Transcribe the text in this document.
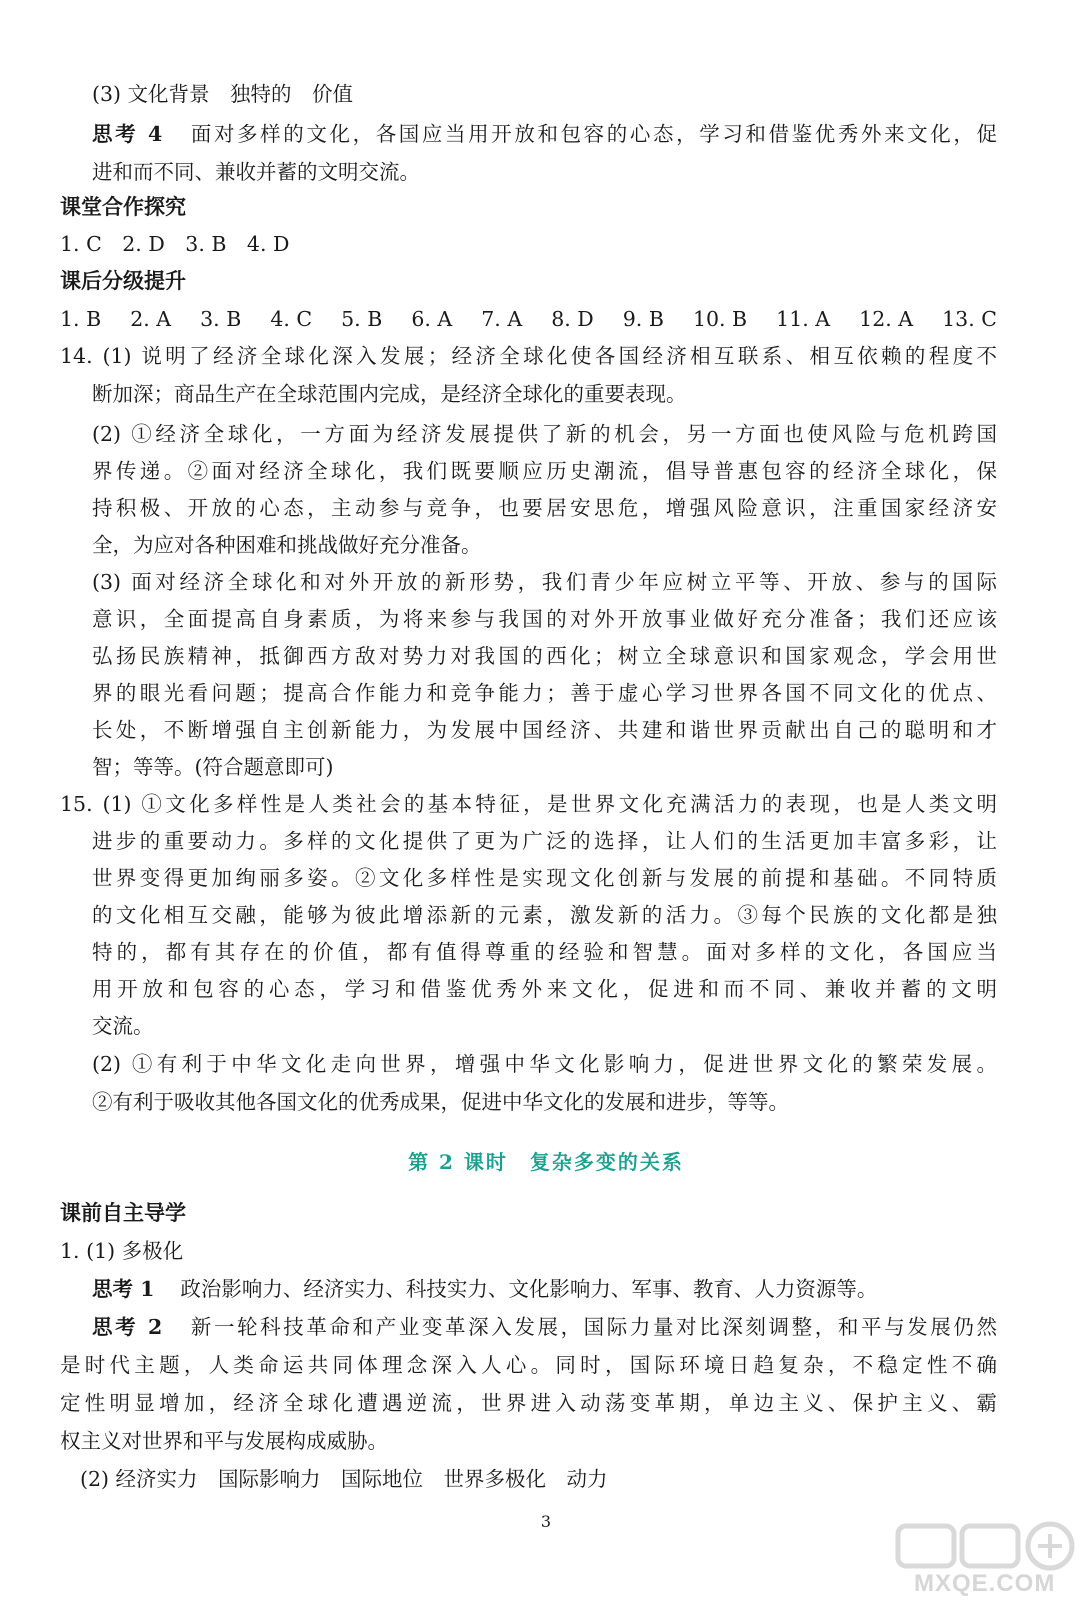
(3) 文化背景　独特的　价值
思考 4 面对多样的文化，各国应当用开放和包容的心态，学习和借鉴优秀外来文化，促
进和而不同、兼收并蓄的文明交流。
课堂合作探究
1. C　2. D　3. B　4. D
课后分级提升
1. B 2. A 3. B 4. C 5. B 6. A 7. A 8. D 9. B 10. B 11. A 12. A 13. C
14. (1) 说明了经济全球化深入发展；经济全球化使各国经济相互联系、相互依赖的程度不
断加深；商品生产在全球范围内完成，是经济全球化的重要表现。
(2) ①经济全球化，一方面为经济发展提供了新的机会，另一方面也使风险与危机跨国
界传递。②面对经济全球化，我们既要顺应历史潮流，倡导普惠包容的经济全球化，保
持积极、开放的心态，主动参与竞争，也要居安思危，增强风险意识，注重国家经济安
全，为应对各种困难和挑战做好充分准备。
(3) 面对经济全球化和对外开放的新形势，我们青少年应树立平等、开放、参与的国际
意识，全面提高自身素质，为将来参与我国的对外开放事业做好充分准备；我们还应该
弘扬民族精神，抵御西方敌对势力对我国的西化；树立全球意识和国家观念，学会用世
界的眼光看问题；提高合作能力和竞争能力；善于虚心学习世界各国不同文化的优点、
长处，不断增强自主创新能力，为发展中国经济、共建和谐世界贡献出自己的聪明和才
智；等等。(符合题意即可)
15. (1) ①文化多样性是人类社会的基本特征，是世界文化充满活力的表现，也是人类文明
进步的重要动力。多样的文化提供了更为广泛的选择，让人们的生活更加丰富多彩，让
世界变得更加绚丽多姿。②文化多样性是实现文化创新与发展的前提和基础。不同特质
的文化相互交融，能够为彼此增添新的元素，激发新的活力。③每个民族的文化都是独
特的，都有其存在的价值，都有值得尊重的经验和智慧。面对多样的文化，各国应当
用开放和包容的心态，学习和借鉴优秀外来文化，促进和而不同、兼收并蓄的文明
交流。
(2) ①有利于中华文化走向世界，增强中华文化影响力，促进世界文化的繁荣发展。
②有利于吸收其他各国文化的优秀成果，促进中华文化的发展和进步，等等。
第 2 课时　复杂多变的关系
课前自主导学
1. (1) 多极化
思考 1 政治影响力、经济实力、科技实力、文化影响力、军事、教育、人力资源等。
思考 2 新一轮科技革命和产业变革深入发展，国际力量对比深刻调整，和平与发展仍然
是时代主题，人类命运共同体理念深入人心。同时，国际环境日趋复杂，不稳定性不确
定性明显增加，经济全球化遭遇逆流，世界进入动荡变革期，单边主义、保护主义、霸
权主义对世界和平与发展构成威胁。
(2) 经济实力　国际影响力　国际地位　世界多极化　动力
3
MXQE.COM
